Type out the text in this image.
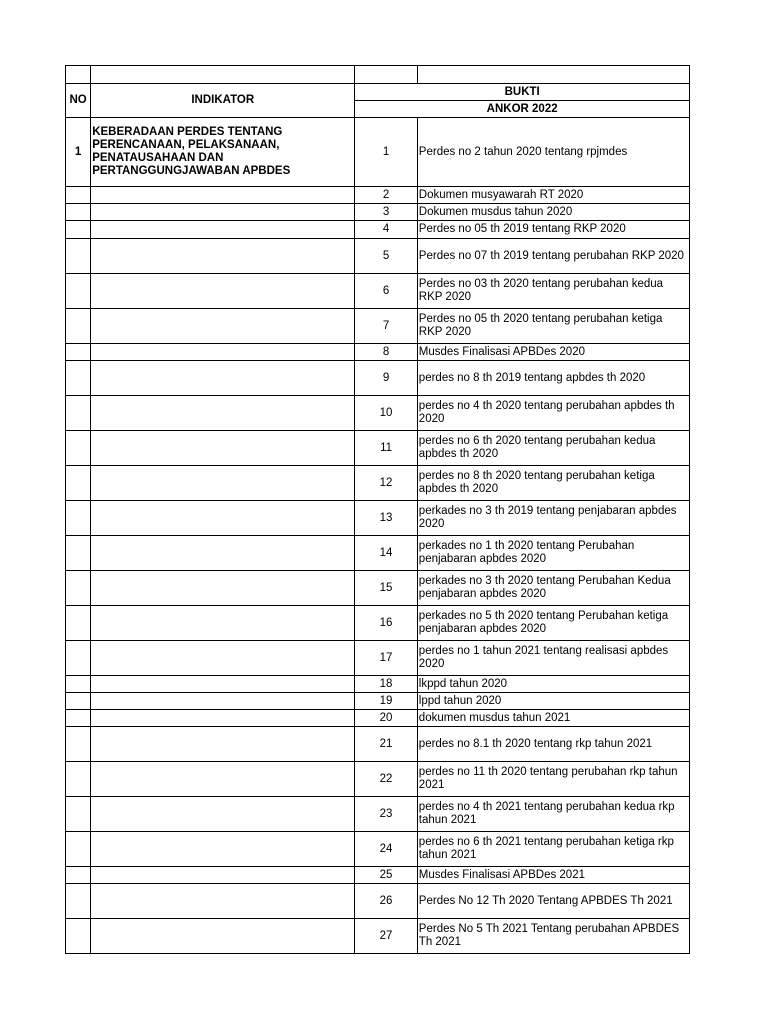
NO	INDIKATOR	BUKTI	
		ANKOR 2022	
1	KEBERADAAN PERDES TENTANG PERENCANAAN, PELAKSANAAN, PENATAUSAHAAN DAN PERTANGGUNGJAWABAN APBDES	1	Perdes no 2 tahun 2020 tentang rpjmdes
		2	Dokumen musyawarah RT 2020
		3	Dokumen musdus tahun 2020
		4	Perdes no 05 th 2019 tentang RKP 2020
		5	Perdes no 07 th 2019 tentang perubahan RKP 2020
		6	Perdes no 03 th 2020 tentang perubahan kedua RKP 2020
		7	Perdes no 05 th 2020 tentang perubahan ketiga RKP 2020
		8	Musdes Finalisasi APBDes 2020
		9	perdes no 8 th 2019 tentang apbdes th 2020
		10	perdes no 4 th 2020 tentang perubahan apbdes th 2020
		11	perdes no 6 th 2020 tentang perubahan kedua apbdes th 2020
		12	perdes no 8 th 2020 tentang perubahan ketiga apbdes th 2020
		13	perkades no 3 th 2019 tentang penjabaran apbdes 2020
		14	perkades no 1 th 2020 tentang Perubahan penjabaran apbdes 2020
		15	perkades no 3 th 2020 tentang Perubahan Kedua penjabaran apbdes 2020
		16	perkades no 5 th 2020 tentang Perubahan ketiga penjabaran apbdes 2020
		17	perdes no 1 tahun 2021 tentang realisasi apbdes 2020
		18	lkppd tahun 2020
		19	lppd tahun 2020
		20	dokumen musdus tahun 2021
		21	perdes no 8.1 th 2020 tentang rkp tahun 2021
		22	perdes no 11 th 2020 tentang perubahan rkp tahun 2021
		23	perdes no 4 th 2021 tentang perubahan kedua rkp tahun 2021
		24	perdes no 6 th 2021 tentang perubahan ketiga rkp tahun 2021
		25	Musdes Finalisasi APBDes 2021
		26	Perdes No 12 Th 2020 Tentang APBDES Th 2021
		27	Perdes No 5 Th 2021 Tentang perubahan APBDES Th 2021
